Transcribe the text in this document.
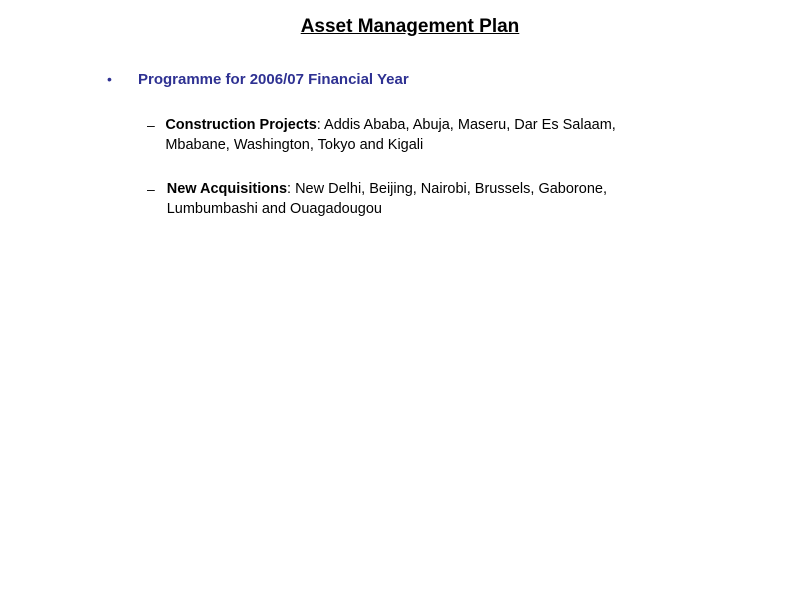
Asset Management Plan
•	Programme for 2006/07 Financial Year
– Construction Projects: Addis Ababa, Abuja, Maseru, Dar Es Salaam, Mbabane, Washington, Tokyo and Kigali
– New Acquisitions: New Delhi, Beijing, Nairobi, Brussels, Gaborone, Lumbumbashi and Ouagadougou
